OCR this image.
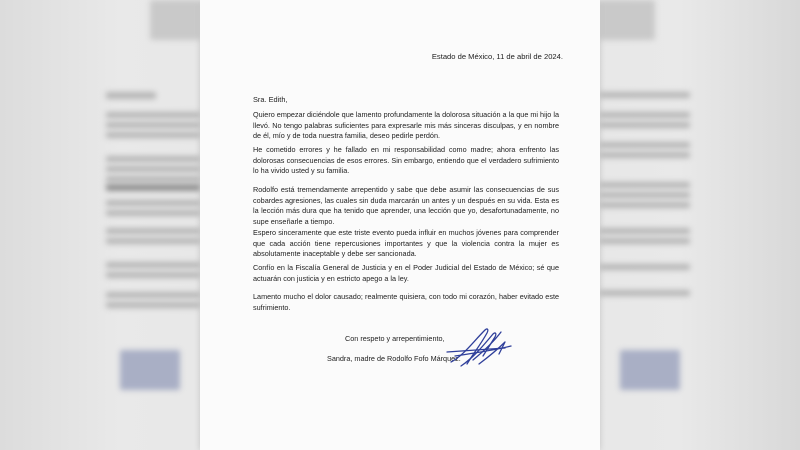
Estado de México, 11 de abril de 2024.
Sra. Edith,

Quiero empezar diciéndole que lamento profundamente la dolorosa situación a la que mi hijo la llevó. No tengo palabras suficientes para expresarle mis más sinceras disculpas, y en nombre de él, mío y de toda nuestra familia, deseo pedirle perdón.

He cometido errores y he fallado en mi responsabilidad como madre; ahora enfrento las dolorosas consecuencias de esos errores. Sin embargo, entiendo que el verdadero sufrimiento lo ha vivido usted y su familia.

Rodolfo está tremendamente arrepentido y sabe que debe asumir las consecuencias de sus cobardes agresiones, las cuales sin duda marcarán un antes y un después en su vida. Esta es la lección más dura que ha tenido que aprender, una lección que yo, desafortunadamente, no supe enseñarle a tiempo.

Espero sinceramente que este triste evento pueda influir en muchos jóvenes para comprender que cada acción tiene repercusiones importantes y que la violencia contra la mujer es absolutamente inaceptable y debe ser sancionada.

Confío en la Fiscalía General de Justicia y en el Poder Judicial del Estado de México; sé que actuarán con justicia y en estricto apego a la ley.

Lamento mucho el dolor causado; realmente quisiera, con todo mi corazón, haber evitado este sufrimiento.

Con respeto y arrepentimiento,
Sandra, madre de Rodolfo Fofo Márquez.
